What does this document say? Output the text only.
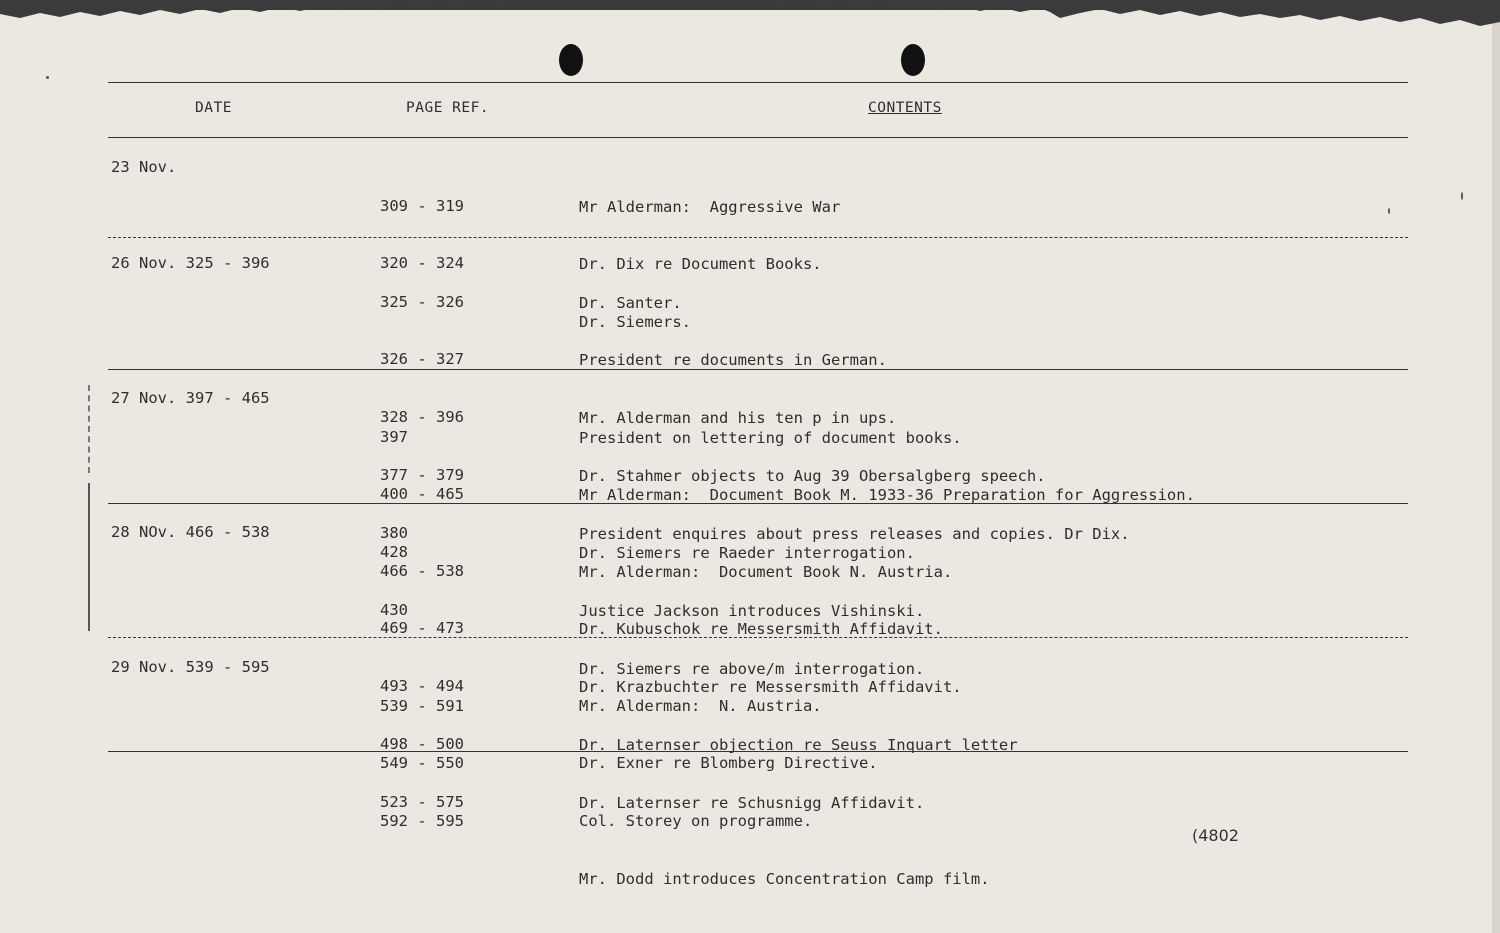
DATE	PAGE REF.	CONTENTS
23 Nov.

309 - 319

320 - 324

Mr Alderman:  Aggressive War

Dr. Dix re Document Books.

Dr. Siemers.

26 Nov. 325 - 396

325 - 326

326 - 327

328 - 396

377 - 379

380

Dr. Santer.

President re documents in German.

Mr. Alderman and his ten p in ups.

Dr. Stahmer objects to Aug 39 Obersalgberg speech.

President enquires about press releases and copies. Dr Dix.

27 Nov. 397 - 465

397

400 - 465

428

430

President on lettering of document books.

Mr Alderman:  Document Book M. 1933-36 Preparation for Aggression.

Dr. Siemers re Raeder interrogation.

Justice Jackson introduces Vishinski.

Dr. Siemers re above/m interrogation.

28 NOv. 466 - 538

466 - 538

469 - 473

493 - 494

498 - 500

523 - 575

Mr. Alderman:  Document Book N. Austria.

Dr. Kubuschok re Messersmith Affidavit.

Dr. Krazbuchter re Messersmith Affidavit.

Dr. Laternser objection re Seuss Inquart letter

Dr. Laternser re Schusnigg Affidavit.

29 Nov. 539 - 595

539 - 591

549 - 550

592 - 595

Mr. Alderman:  N. Austria.

Dr. Exner re Blomberg Directive.

Col. Storey on programme.

Mr. Dodd introduces Concentration Camp film.

(4802
